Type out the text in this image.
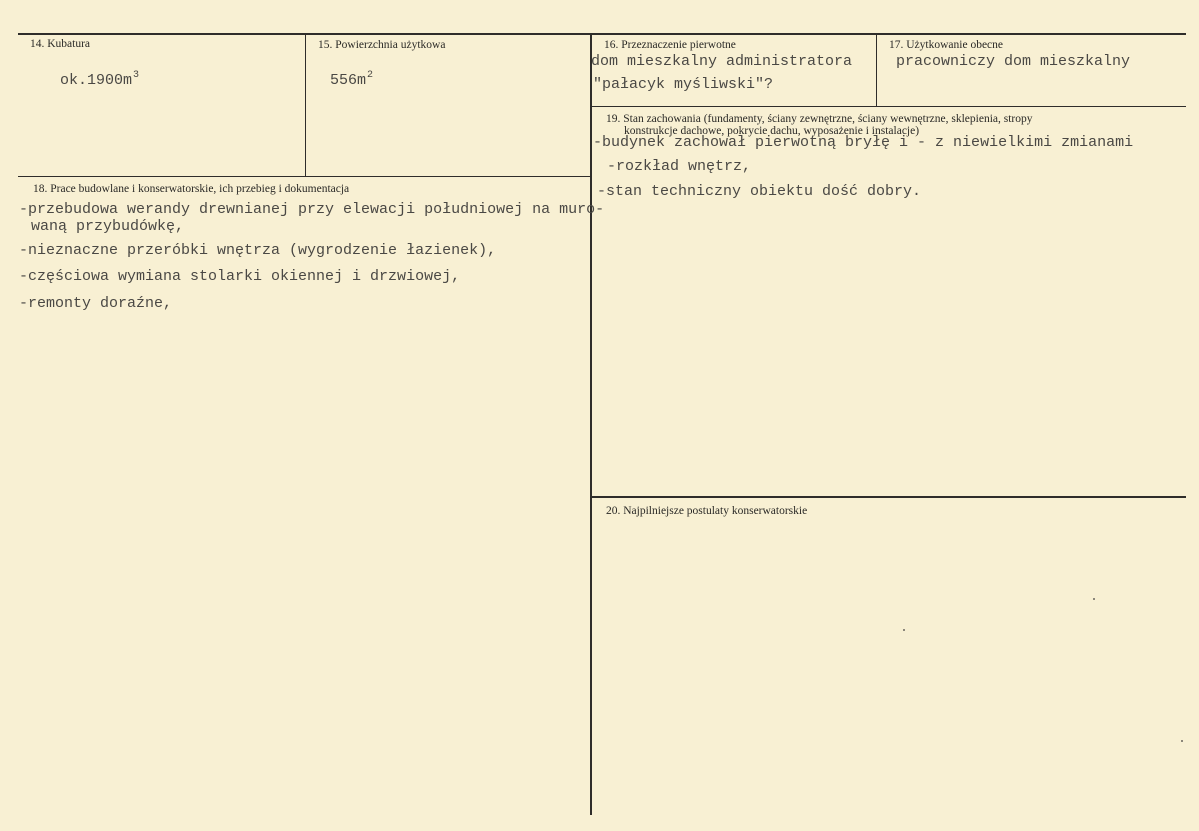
14. Kubatura
$ok.1900m^3$
15. Powierzchnia użytkowa
$556m^2$
16. Przeznaczenie pierwotne
dom mieszkalny administratora
"pałacyk myśliwski"?
17. Użytkowanie obecne
pracowniczy dom mieszkalny
19. Stan zachowania (fundamenty, ściany zewnętrzne, ściany wewnętrzne, sklepienia, stropy
konstrukcje dachowe, pokrycie dachu, wyposażenie i instalacje)
-budynek zachował pierwotną bryłę i - z niewielkimi zmianami
-rozkład wnętrz,
-stan techniczny obiektu dość dobry.
18. Prace budowlane i konserwatorskie, ich przebieg i dokumentacja
-przebudowa werandy drewnianej przy elewacji południowej na muro-
waną przybudówkę,
-nieznaczne przeróbki wnętrza (wygrodzenie łazienek),
-częściowa wymiana stolarki okiennej i drzwiowej,
-remonty doraźne,
20. Najpilniejsze postulaty konserwatorskie
